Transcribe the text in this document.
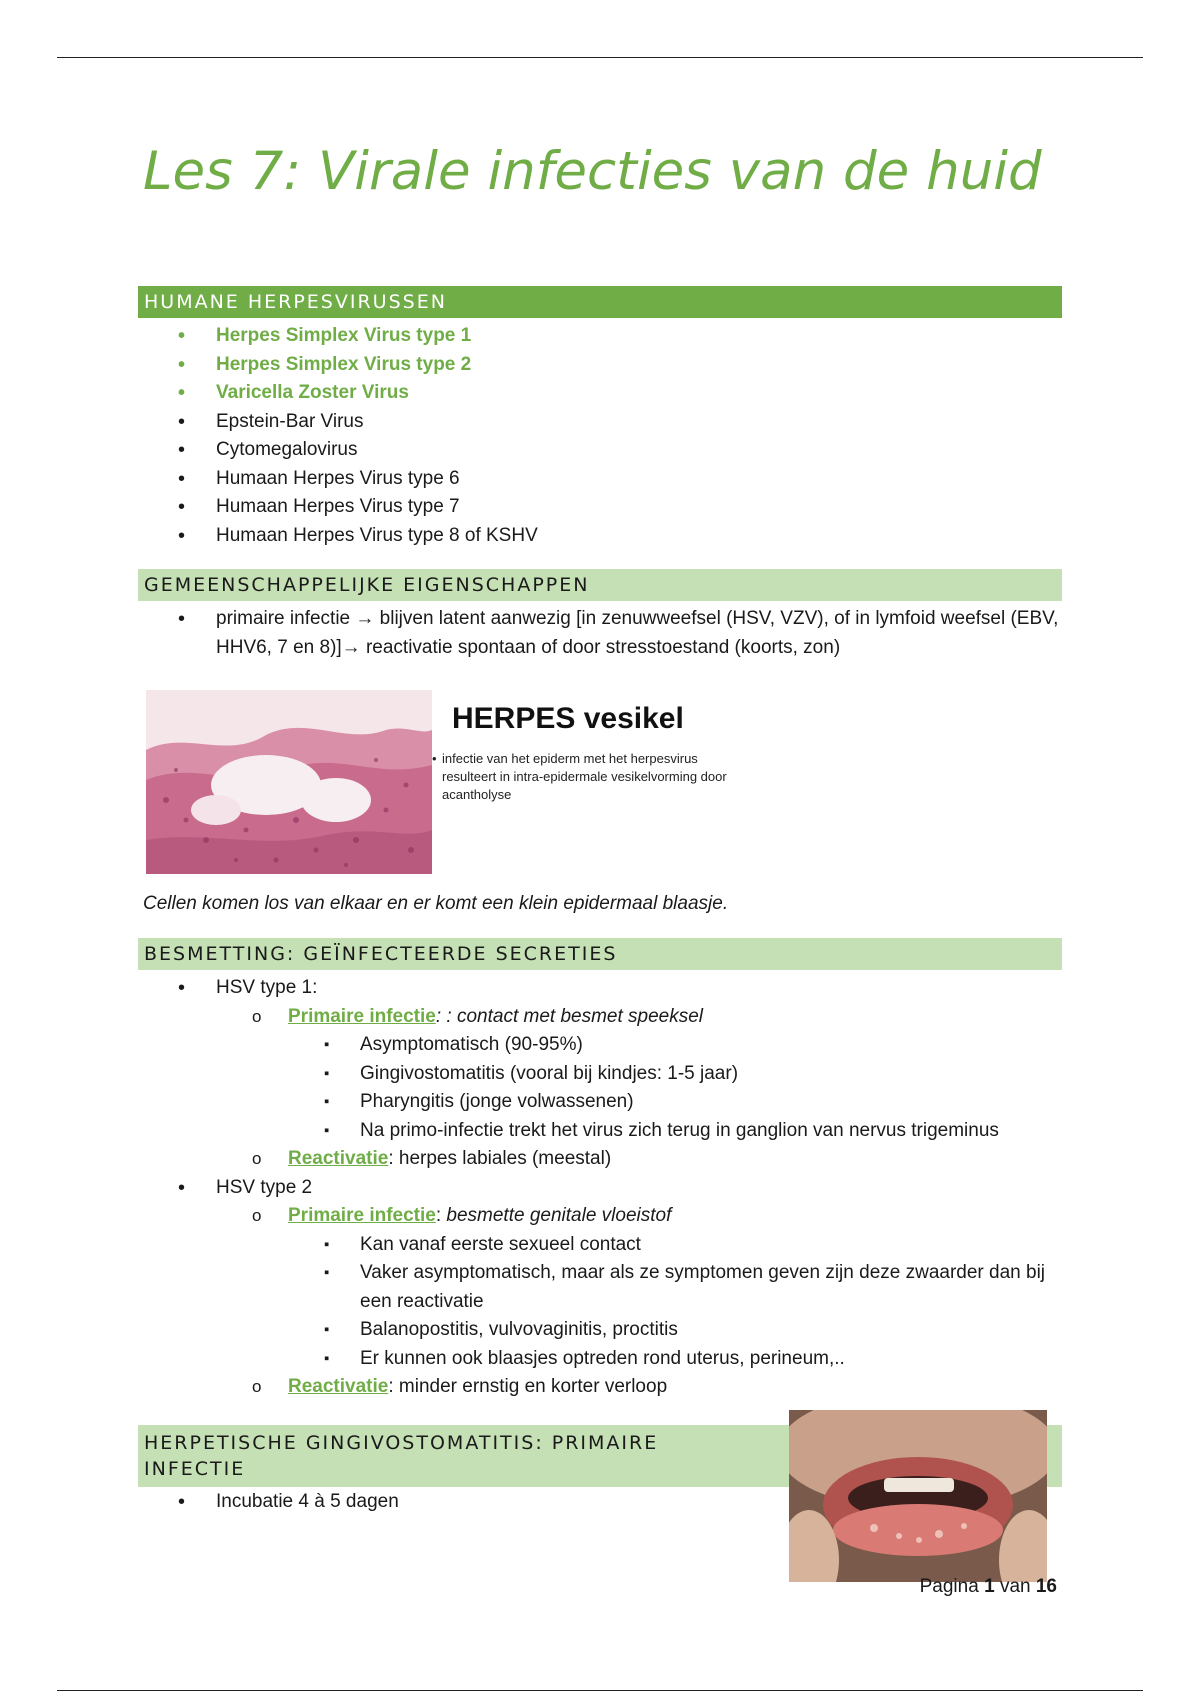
Les 7: Virale infecties van de huid
HUMANE HERPESVIRUSSEN
• Herpes Simplex Virus type 1
• Herpes Simplex Virus type 2
• Varicella Zoster Virus
• Epstein-Bar Virus
• Cytomegalovirus
• Humaan Herpes Virus type 6
• Humaan Herpes Virus type 7
• Humaan Herpes Virus type 8 of KSHV
GEMEENSCHAPPELIJKE EIGENSCHAPPEN
• primaire infectie → blijven latent aanwezig [in zenuwweefsel (HSV, VZV), of in lymfoid weefsel (EBV, HHV6, 7 en 8)]→ reactivatie spontaan of door stresstoestand (koorts, zon)
HERPES vesikel
• infectie van het epiderm met het herpesvirus resulteert in intra-epidermale vesikelvorming door acantholyse
Cellen komen los van elkaar en er komt een klein epidermaal blaasje.
BESMETTING: GEÏNFECTEERDE SECRETIES
• HSV type 1:
o Primaire infectie: : contact met besmet speeksel
▪ Asymptomatisch (90-95%)
▪ Gingivostomatitis (vooral bij kindjes: 1-5 jaar)
▪ Pharyngitis (jonge volwassenen)
▪ Na primo-infectie trekt het virus zich terug in ganglion van nervus trigeminus
o Reactivatie: herpes labiales (meestal)
• HSV type 2
o Primaire infectie: besmette genitale vloeistof
▪ Kan vanaf eerste sexueel contact
▪ Vaker asymptomatisch, maar als ze symptomen geven zijn deze zwaarder dan bij een reactivatie
▪ Balanopostitis, vulvovaginitis, proctitis
▪ Er kunnen ook blaasjes optreden rond uterus, perineum,..
o Reactivatie: minder ernstig en korter verloop
HERPETISCHE GINGIVOSTOMATITIS: PRIMAIRE INFECTIE
• Incubatie 4 à 5 dagen
Pagina 1 van 16
